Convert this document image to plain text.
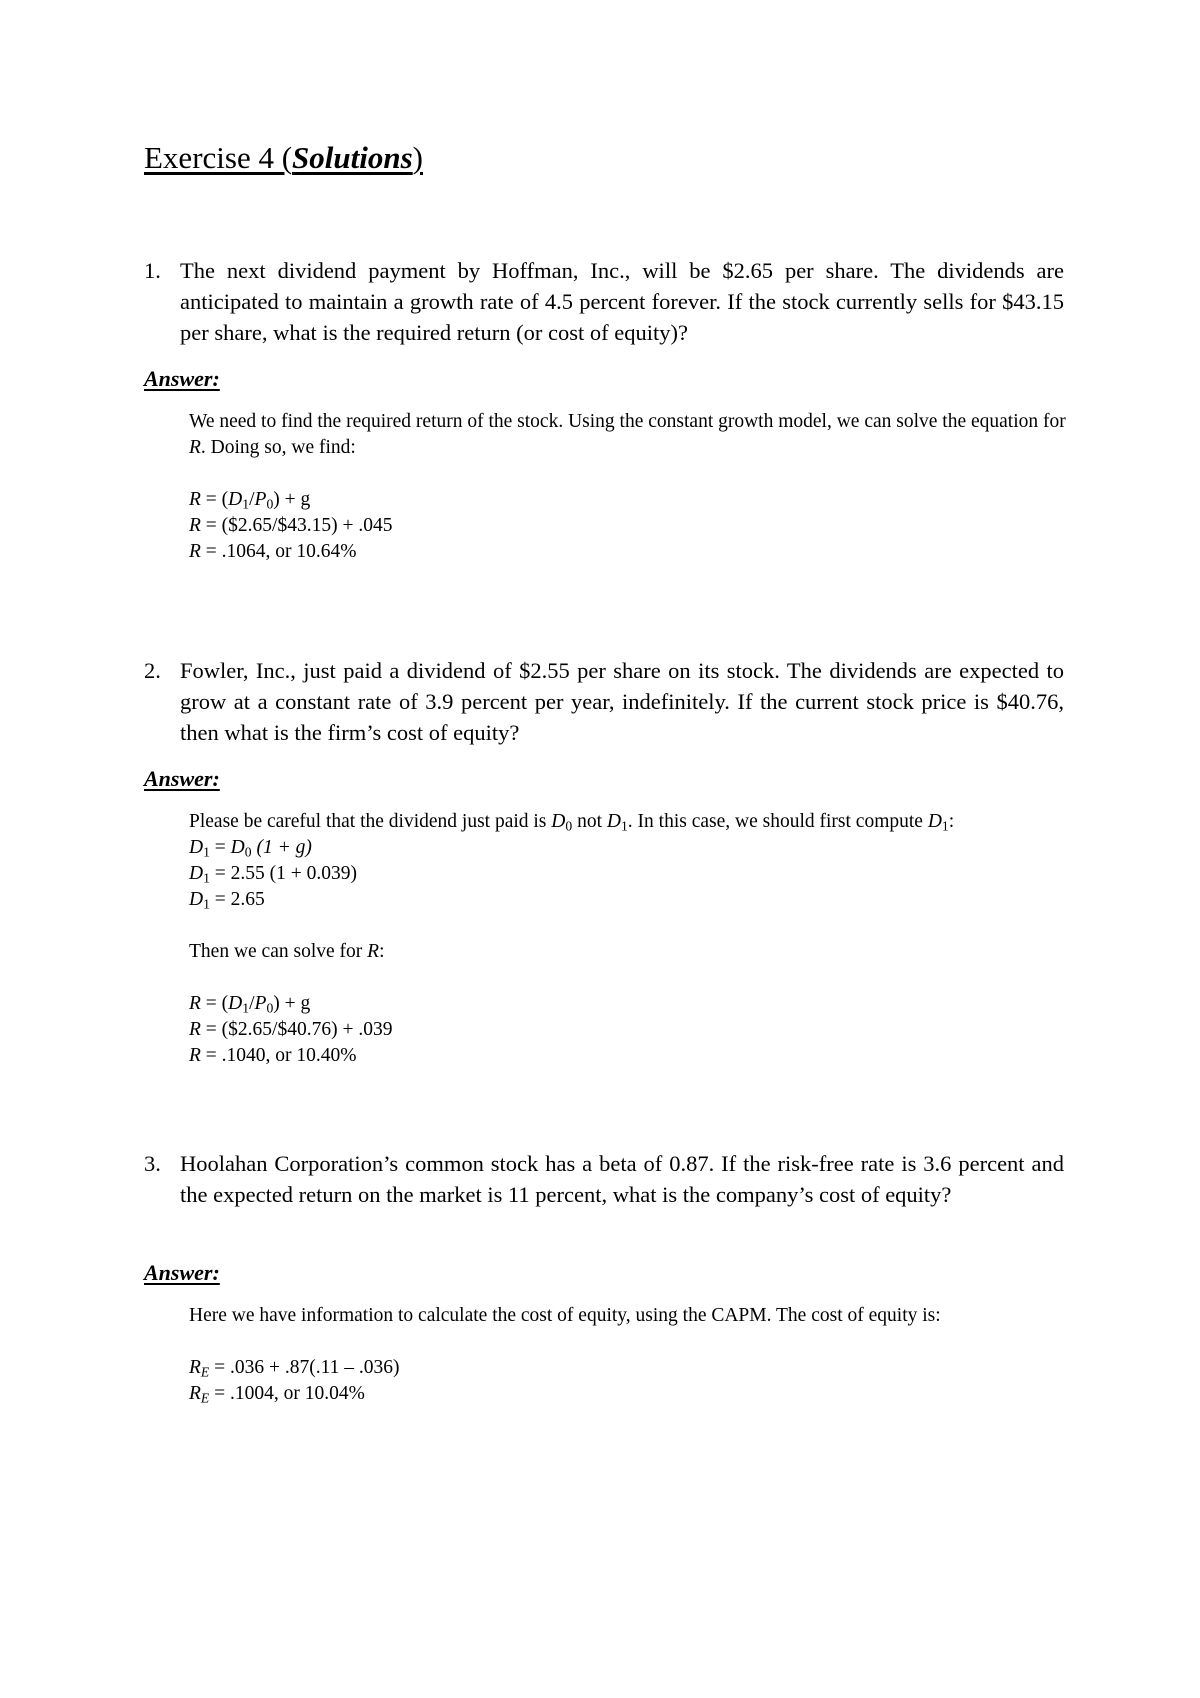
Exercise 4 (Solutions)
1. The next dividend payment by Hoffman, Inc., will be $2.65 per share. The dividends are anticipated to maintain a growth rate of 4.5 percent forever. If the stock currently sells for $43.15 per share, what is the required return (or cost of equity)?

Answer:

We need to find the required return of the stock. Using the constant growth model, we can solve the equation for R. Doing so, we find:

$R = (D_1/P_0) + g$

R = ($2.65/$43.15) + .045

R = .1064, or 10.64%

2. Fowler, Inc., just paid a dividend of $2.55 per share on its stock. The dividends are expected to grow at a constant rate of 3.9 percent per year, indefinitely. If the current stock price is $40.76, then what is the firm’s cost of equity?

Answer:

Please be careful that the dividend just paid is $D_0$ not $D_1$. In this case, we should first compute $D_1$:

$D_1 = D_0$ (1 + g)

$D_1 = 2.55$ (1 + 0.039)

$D_1 = 2.65$

Then we can solve for R:

$R = (D_1/P_0) + g$

R = ($2.65/$40.76) + .039

R = .1040, or 10.40%

3. Hoolahan Corporation’s common stock has a beta of 0.87. If the risk-free rate is 3.6 percent and the expected return on the market is 11 percent, what is the company’s cost of equity?

Answer:

Here we have information to calculate the cost of equity, using the CAPM. The cost of equity is:

$R_E = .036 + .87(.11 - .036)$

$R_E = .1004$, or 10.04%
